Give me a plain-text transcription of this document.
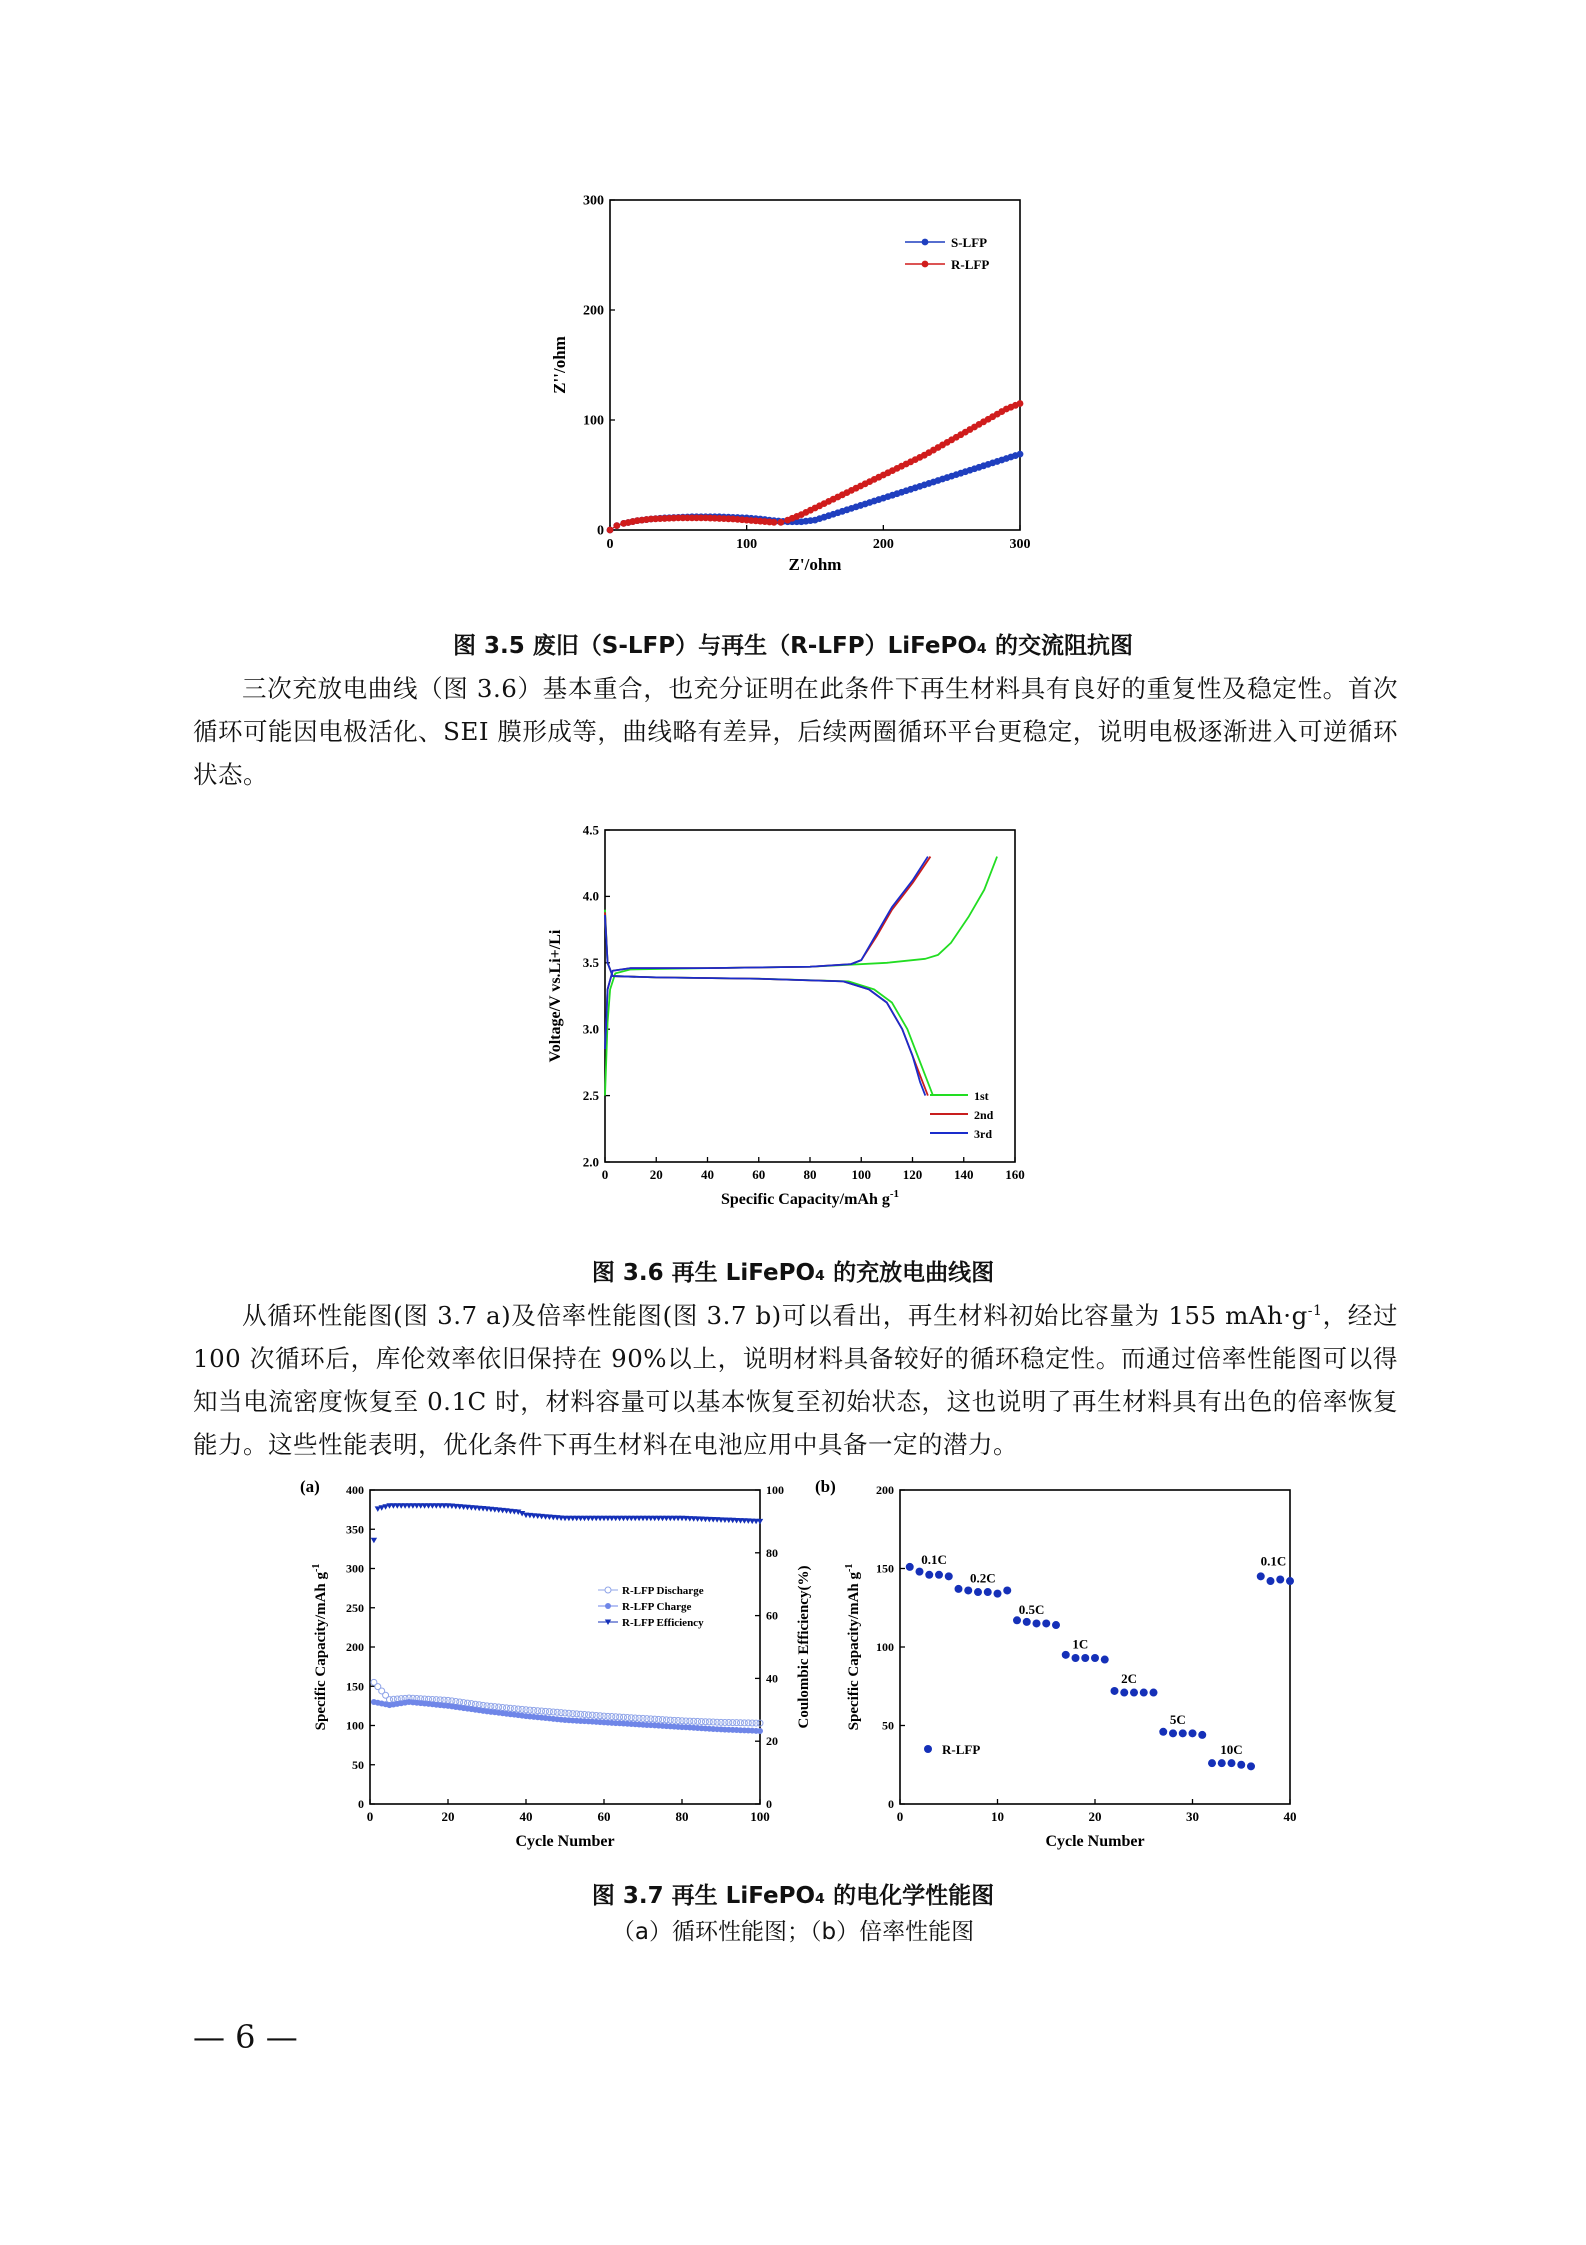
0	100	200	300
0
100
200
300
Z'/ohm
Z''/ohm
S-LFP
R-LFP
图 3.5 废旧（S-LFP）与再生（R-LFP）LiFePO₄ 的交流阻抗图
三次充放电曲线（图 3.6）基本重合，也充分证明在此条件下再生材料具有良好的重复性及稳定性。首次循环可能因电极活化、SEI 膜形成等，曲线略有差异，后续两圈循环平台更稳定，说明电极逐渐进入可逆循环状态。
0	20	40	60	80	100 120 140 160
2.0
2.5
3.0
3.5
4.0
4.5
Specific Capacity/mAh $g^{-1}$
Voltage/V vs.Li+/Li
1st
2nd
3rd
图 3.6 再生 LiFePO₄ 的充放电曲线图
从循环性能图(图 3.7 a)及倍率性能图(图 3.7 b)可以看出，再生材料初始比容量为 155 $mAh\cdot g^{-1}$，经过 100 次循环后，库伦效率依旧保持在 90%以上，说明材料具备较好的循环稳定性。而通过倍率性能图可以得知当电流密度恢复至 0.1C 时，材料容量可以基本恢复至初始状态，这也说明了再生材料具有出色的倍率恢复能力。这些性能表明，优化条件下再生材料在电池应用中具备一定的潜力。
0	20	40	60	80	100
0
50
100
150
200
250
300
350
400
0
20
40
60
80
100
(a)
Cycle Number
Specific Capacity/mAh $g^{-1}$	Coulombic Efficiency(%)
R-LFP Discharge
R-LFP Charge
R-LFP Efficiency
0	10	20	30	40
0
50
100
150
200
(b)
Cycle Number
Specific Capacity/mAh $g^{-1}$
R-LFP
0.1C
0.2C
0.5C
1C
2C
5C
10C
0.1C
图 3.7 再生 LiFePO₄ 的电化学性能图
（a）循环性能图；（b）倍率性能图
— 6 —
